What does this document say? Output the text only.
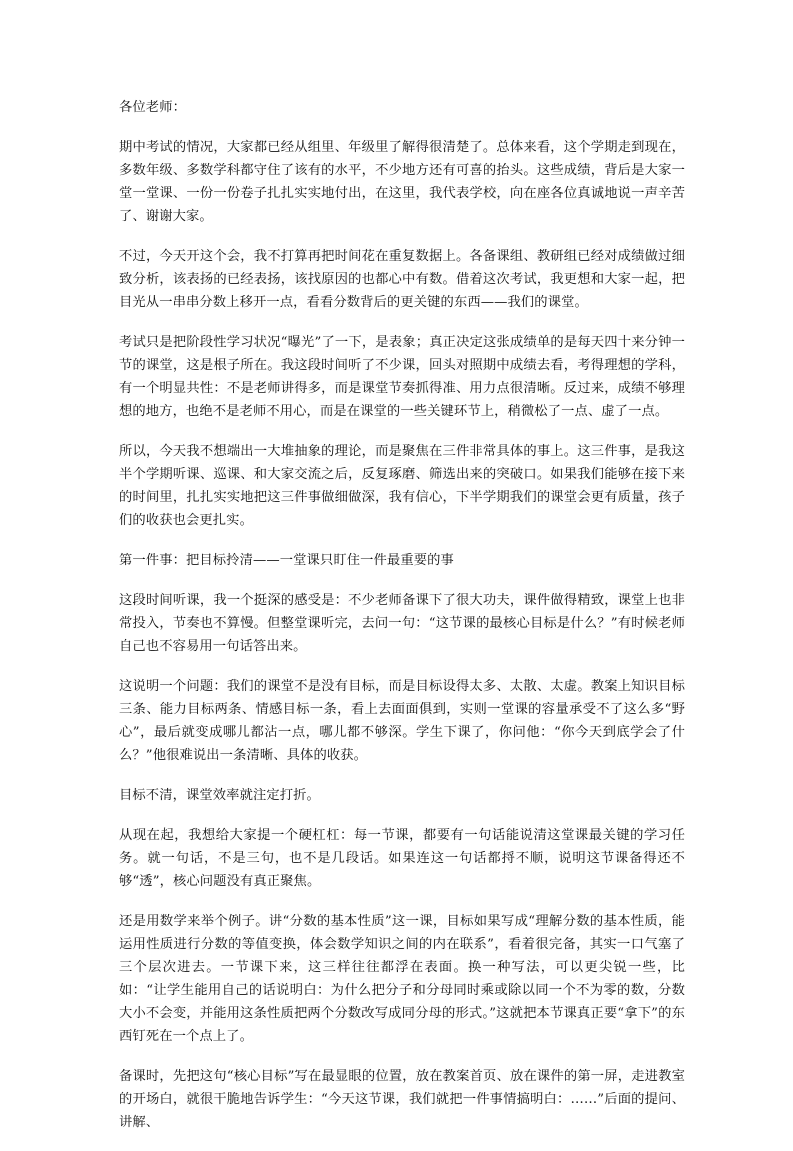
各位老师：

期中考试的情况，大家都已经从组里、年级里了解得很清楚了。总体来看，这个学期走到现在，多数年级、多数学科都守住了该有的水平，不少地方还有可喜的抬头。这些成绩，背后是大家一堂一堂课、一份一份卷子扎扎实实地付出，在这里，我代表学校，向在座各位真诚地说一声辛苦了、谢谢大家。

不过，今天开这个会，我不打算再把时间花在重复数据上。各备课组、教研组已经对成绩做过细致分析，该表扬的已经表扬，该找原因的也都心中有数。借着这次考试，我更想和大家一起，把目光从一串串分数上移开一点，看看分数背后的更关键的东西——我们的课堂。

考试只是把阶段性学习状况“曝光”了一下，是表象；真正决定这张成绩单的是每天四十来分钟一节的课堂，这是根子所在。我这段时间听了不少课，回头对照期中成绩去看，考得理想的学科，有一个明显共性：不是老师讲得多，而是课堂节奏抓得准、用力点很清晰。反过来，成绩不够理想的地方，也绝不是老师不用心，而是在课堂的一些关键环节上，稍微松了一点、虚了一点。

所以，今天我不想端出一大堆抽象的理论，而是聚焦在三件非常具体的事上。这三件事，是我这半个学期听课、巡课、和大家交流之后，反复琢磨、筛选出来的突破口。如果我们能够在接下来的时间里，扎扎实实地把这三件事做细做深，我有信心，下半学期我们的课堂会更有质量，孩子们的收获也会更扎实。

第一件事：把目标拎清——一堂课只盯住一件最重要的事

这段时间听课，我一个挺深的感受是：不少老师备课下了很大功夫，课件做得精致，课堂上也非常投入，节奏也不算慢。但整堂课听完，去问一句：“这节课的最核心目标是什么？”有时候老师自己也不容易用一句话答出来。

这说明一个问题：我们的课堂不是没有目标，而是目标设得太多、太散、太虚。教案上知识目标三条、能力目标两条、情感目标一条，看上去面面俱到，实则一堂课的容量承受不了这么多“野心”，最后就变成哪儿都沾一点，哪儿都不够深。学生下课了，你问他：“你今天到底学会了什么？”他很难说出一条清晰、具体的收获。

目标不清，课堂效率就注定打折。

从现在起，我想给大家提一个硬杠杠：每一节课，都要有一句话能说清这堂课最关键的学习任务。就一句话，不是三句，也不是几段话。如果连这一句话都捋不顺，说明这节课备得还不够“透”，核心问题没有真正聚焦。

还是用数学来举个例子。讲“分数的基本性质”这一课，目标如果写成“理解分数的基本性质，能运用性质进行分数的等值变换，体会数学知识之间的内在联系”，看着很完备，其实一口气塞了三个层次进去。一节课下来，这三样往往都浮在表面。换一种写法，可以更尖锐一些，比如：“让学生能用自己的话说明白：为什么把分子和分母同时乘或除以同一个不为零的数，分数大小不会变，并能用这条性质把两个分数改写成同分母的形式。”这就把本节课真正要“拿下”的东西钉死在一个点上了。

备课时，先把这句“核心目标”写在最显眼的位置，放在教案首页、放在课件的第一屏，走进教室的开场白，就很干脆地告诉学生：“今天这节课，我们就把一件事情搞明白：……”后面的提问、讲解、
